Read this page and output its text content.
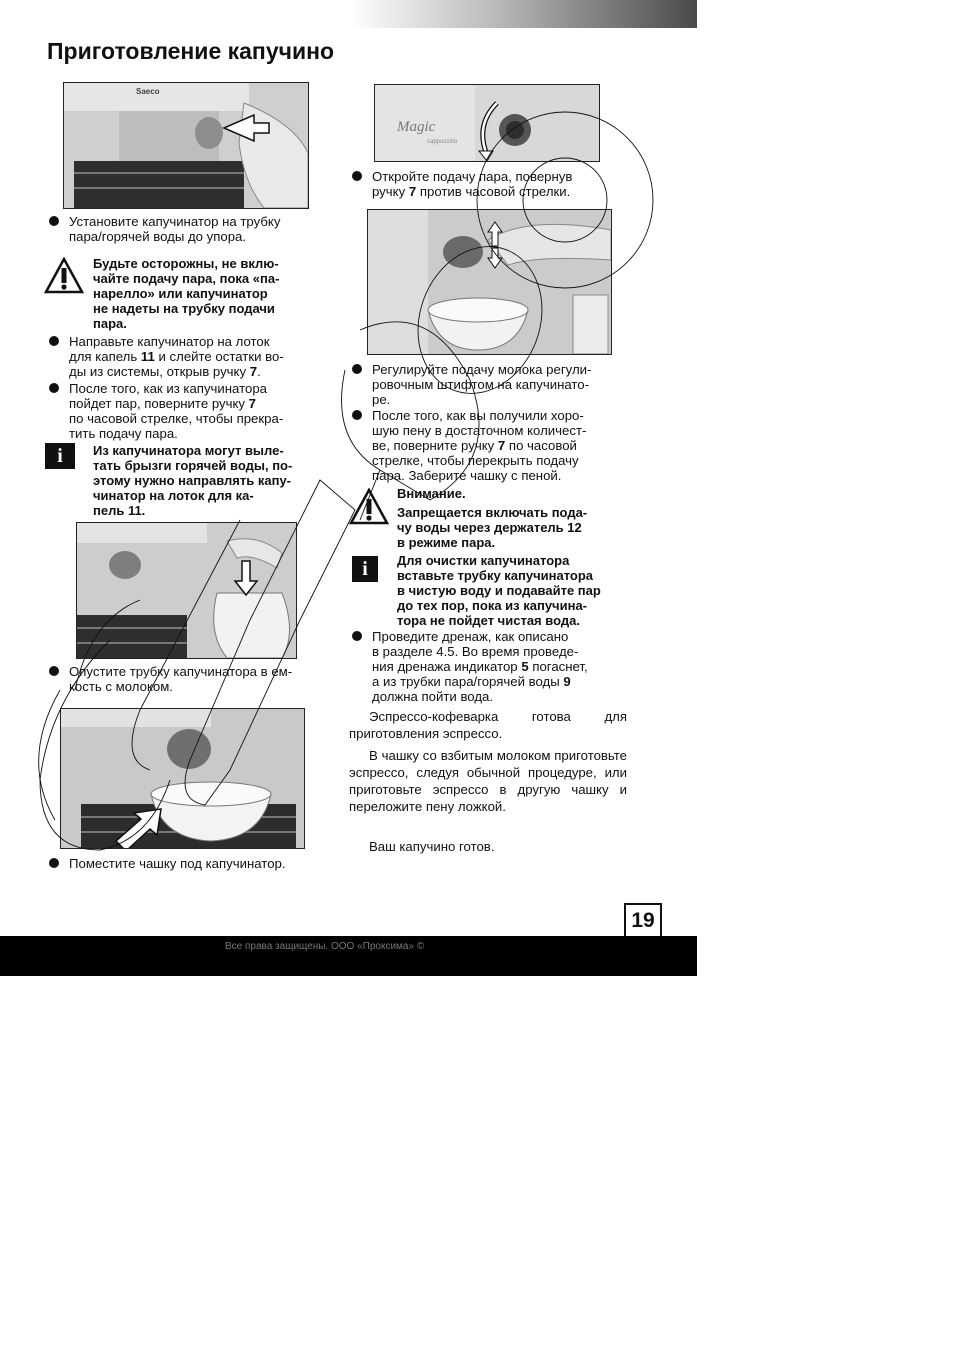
Приготовление капучино
Saeco
Установите капучинатор на трубку
пара/горячей воды до упора.
Будьте осторожны, не вклю-
чайте подачу пара, пока «па-
нарелло» или капучинатор
не надеты на трубку подачи
пара.
Направьте капучинатор на лоток
для капель 11 и слейте остатки во-
ды из системы, открыв ручку 7.
После того, как из капучинатора
пойдет пар, поверните ручку 7
по часовой стрелке, чтобы прекра-
тить подачу пара.
i	Из капучинатора могут выле-
тать брызги горячей воды, по-
этому нужно направлять капу-
чинатор на лоток для ка-
пель 11.
Опустите трубку капучинатора в ем-
кость с молоком.
Поместите чашку под капучинатор.
Magic
cappuccino
Откройте подачу пара, повернув
ручку 7 против часовой стрелки.
Регулируйте подачу молока регули-
ровочным штифтом на капучинато-
ре.
После того, как вы получили хоро-
шую пену в достаточном количест-
ве, поверните ручку 7 по часовой
стрелке, чтобы перекрыть подачу
пара. Заберите чашку с пеной.
Внимание.
Запрещается включать пода-
чу воды через держатель 12
в режиме пара.
i	Для очистки капучинатора
вставьте трубку капучинатора
в чистую воду и подавайте пар
до тех пор, пока из капучина-
тора не пойдет чистая вода.
Проведите дренаж, как описано
в разделе 4.5. Во время проведе-
ния дренажа индикатор 5 погаснет,
а из трубки пара/горячей воды 9
должна пойти вода.
Эспрессо-кофеварка готова для приготовления эспрессо.
В чашку со взбитым молоком приготовьте эспрессо, следуя обычной процедуре, или приготовьте эспрессо в другую чашку и переложите пену ложкой.
Ваш капучино готов.
19
Все права защищены. ООО «Проксима» ©
